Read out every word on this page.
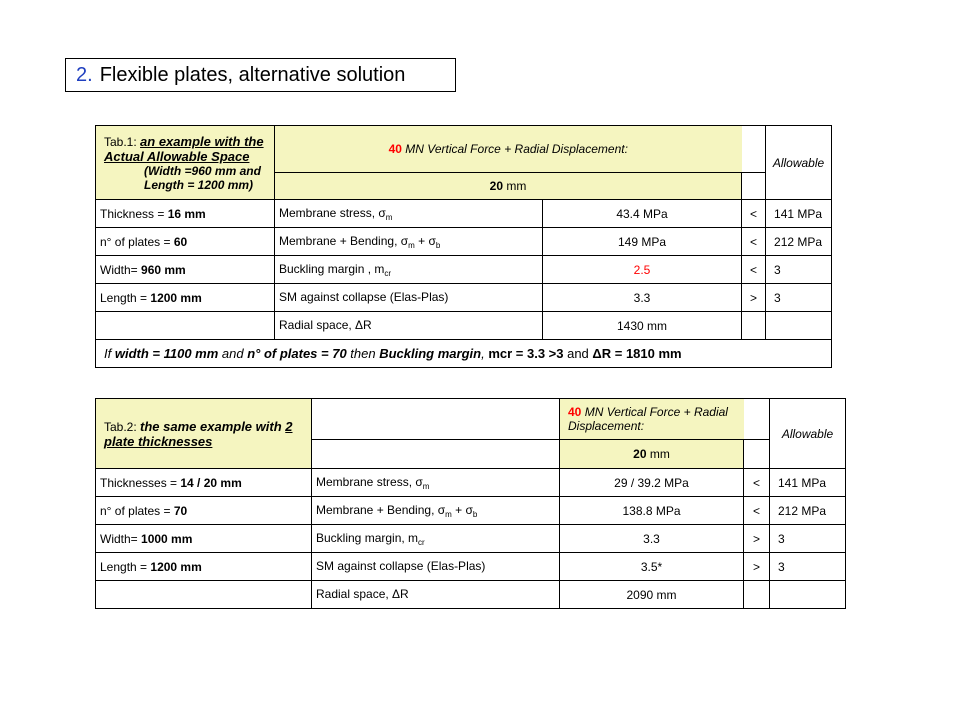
2. Flexible plates, alternative solution
Tab.1: an example with the Actual Allowable Space
(Width =960 mm and Length = 1200 mm)	40 MN Vertical Force + Radial Displacement:			Allowable
	20 mm			
Thickness = 16 mm	Membrane stress, $\sigma_m$	43.4 MPa	<	141 MPa
n° of plates = 60	Membrane + Bending, $\sigma_m + \sigma_b$	149 MPa	<	212 MPa
Width= 960 mm	Buckling margin , $m_{cr}$	2.5	<	3
Length = 1200 mm	SM against collapse (Elas-Plas)	3.3	>	3
	Radial space, ΔR	1430 mm		
If width = 1100 mm and n° of plates = 70 then Buckling margin, mcr = 3.3 >3 and ΔR = 1810 mm				
Tab.2: the same example with 2 plate thicknesses		40 MN Vertical Force + Radial Displacement:		Allowable
		20 mm		
Thicknesses = 14 / 20 mm	Membrane stress, $\sigma_m$	29 / 39.2 MPa	<	141 MPa
n° of plates = 70	Membrane + Bending, $\sigma_m + \sigma_b$	138.8 MPa	<	212 MPa
Width= 1000 mm	Buckling margin, $m_{cr}$	3.3	>	3
Length = 1200 mm	SM against collapse (Elas-Plas)	3.5*	>	3
	Radial space, ΔR	2090 mm		
